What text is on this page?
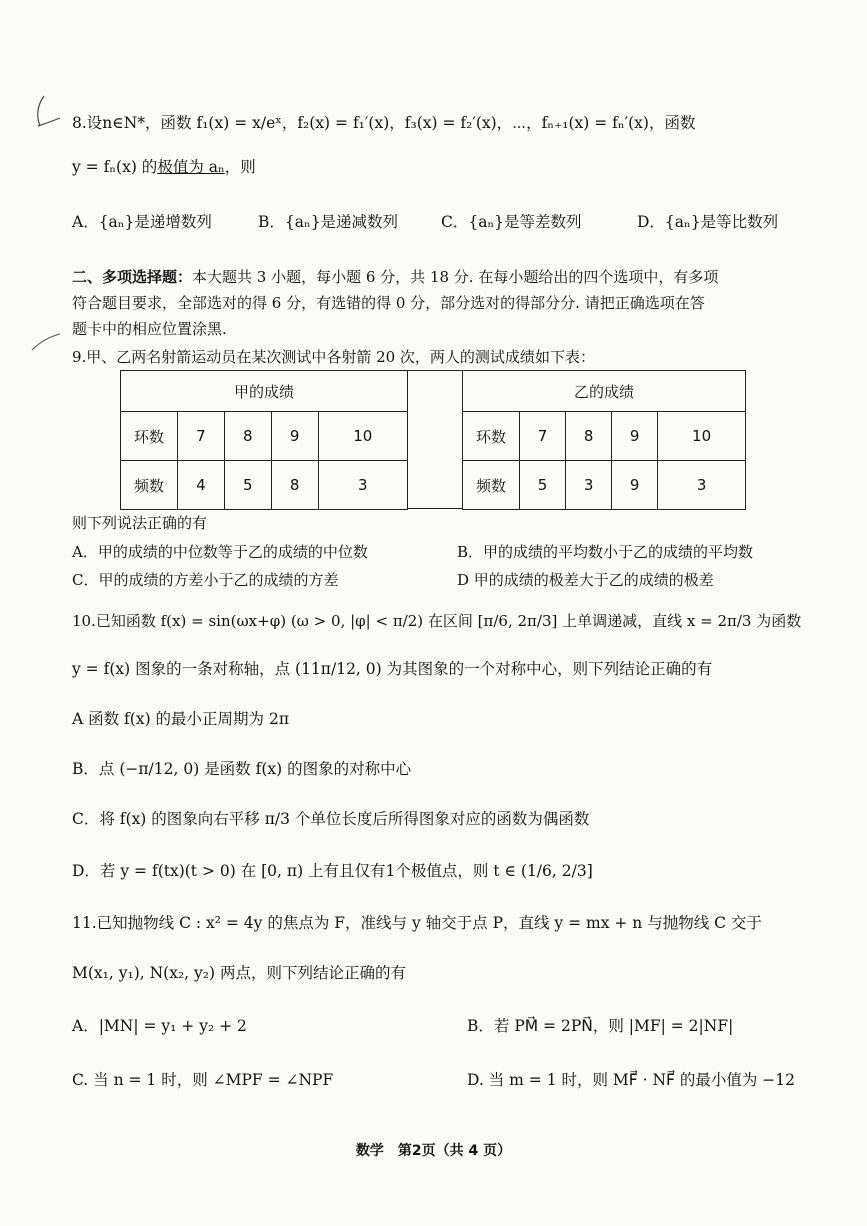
8.设n∈N*，函数 f₁(x) = x/eˣ，f₂(x) = f₁′(x)，f₃(x) = f₂′(x)，⋯，fₙ₊₁(x) = fₙ′(x)，函数
y = fₙ(x) 的极值为 aₙ，则
A．{aₙ}是递增数列	B．{aₙ}是递减数列	C．{aₙ}是等差数列	D．{aₙ}是等比数列
二、多项选择题：本大题共 3 小题，每小题 6 分，共 18 分. 在每小题给出的四个选项中，有多项
符合题目要求，全部选对的得 6 分，有选错的得 0 分，部分选对的得部分分. 请把正确选项在答
题卡中的相应位置涂黑.
9.甲、乙两名射箭运动员在某次测试中各射箭 20 次，两人的测试成绩如下表：
甲的成绩				
环数	7	8	9	10
频数	4	5	8	3
乙的成绩				
环数	7	8	9	10
频数	5	3	9	3
则下列说法正确的有
A．甲的成绩的中位数等于乙的成绩的中位数	B．甲的成绩的平均数小于乙的成绩的平均数
C．甲的成绩的方差小于乙的成绩的方差	D 甲的成绩的极差大于乙的成绩的极差
10.已知函数 f(x) = sin(ωx+φ) (ω > 0, |φ| < π/2) 在区间 [π/6, 2π/3] 上单调递减，直线 x = 2π/3 为函数
y = f(x) 图象的一条对称轴，点 (11π/12, 0) 为其图象的一个对称中心，则下列结论正确的有
A 函数 f(x) 的最小正周期为 2π
B．点 (−π/12, 0) 是函数 f(x) 的图象的对称中心
C．将 f(x) 的图象向右平移 π/3 个单位长度后所得图象对应的函数为偶函数
D．若 y = f(tx)(t > 0) 在 [0, π) 上有且仅有1个极值点，则 t ∈ (1/6, 2/3]
11.已知抛物线 C : x² = 4y 的焦点为 F，准线与 y 轴交于点 P，直线 y = mx + n 与抛物线 C 交于
M(x₁, y₁), N(x₂, y₂) 两点，则下列结论正确的有
A．|MN| = y₁ + y₂ + 2	B．若 PM⃗ = 2PN⃗，则 |MF| = 2|NF|
C. 当 n = 1 时，则 ∠MPF = ∠NPF	D. 当 m = 1 时，则 MF⃗ · NF⃗ 的最小值为 −12
数学　第2页（共 4 页）
